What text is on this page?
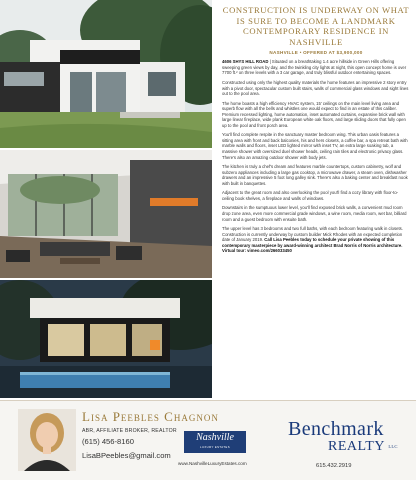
CONSTRUCTION IS UNDERWAY ON WHAT IS SURE TO BECOME A LANDMARK CONTEMPORARY RESIDENCE IN NASHVILLE
NASHVILLE • OFFERED AT $3,900,000

4606 SHYS HILL ROAD | Situated on a breathtaking 1.4 acre hillside in Green Hills offering sweeping green views by day, and the twinkling city lights at night, this open concept home is over 7700 ft.² on three levels with a 3 car garage, and truly blissful outdoor entertaining spaces.

Constructed using only the highest quality materials the home features an impressive 2 story entry with a pivot door, spectacular custom built stairs, walls of commercial glass windows and sight lines out to the pool area.

The home boasts a high efficiency HVAC system, 15' ceilings on the main level living area and superb flow with all the bells and whistles one would expect to find in an estate of this caliber. Premium recessed lighting, home automation, inset automated curtains, expansive brick wall with large linear fireplace, wide plank European white oak floors, and large sliding doors that fully open up to the pool and front porch area.

You'll find complete respite in the sanctuary master bedroom wing. This urban oasis features a sitting area with front and back balconies, his and hers closets, a coffee bar, a spa retreat bath with marble walls and floors, inset LED lighted mirror with inset TV, an extra large soaking tub, a massive shower with oversized duel shower heads, ceiling rain tiles and electronic privacy glass. There's also an amazing outdoor shower with body jets.

The kitchen is truly a chef's dream and features marble countertops, custom cabinetry, wolf and subzero appliances including a large gas cooktop, a microwave drawer, a steam oven, dishwasher drawers and an impressive 5 foot long galley sink. There's also a baking center and breakfast nook with built in banquettes.

Adjacent to the great room and also overlooking the pool you'll find a cozy library with floor-to-ceiling book shelves, a fireplace and walls of windows.

Downstairs in the sumptuous lower level, you'll find exposed brick walls, a convenient mud room drop zone area, even more commercial grade windows, a wine room, media room, wet bar, billiard room and a guest bedroom with ensuite bath.

The upper level has 3 bedrooms and two full baths, with each bedroom featuring walk in closets. Construction is currently underway by custom builder Mick Rhodes with an expected completion date of January 2019. Call Lisa Peebles today to schedule your private showing of this contemporary masterpiece by award-winning architect Brad Norris of Norris architecture. Virtual tour: vimeo.com/266033450

Lisa Peebles Chagnon
ABR, AFFILIATE BROKER, REALTOR
(615) 456-8160
LisaBPeebles@gmail.com
Nashville
LUXURY ESTATES
www.NashvilleLuxuryEstates.com
Benchmark
REALTY LLC
615.432.2919
